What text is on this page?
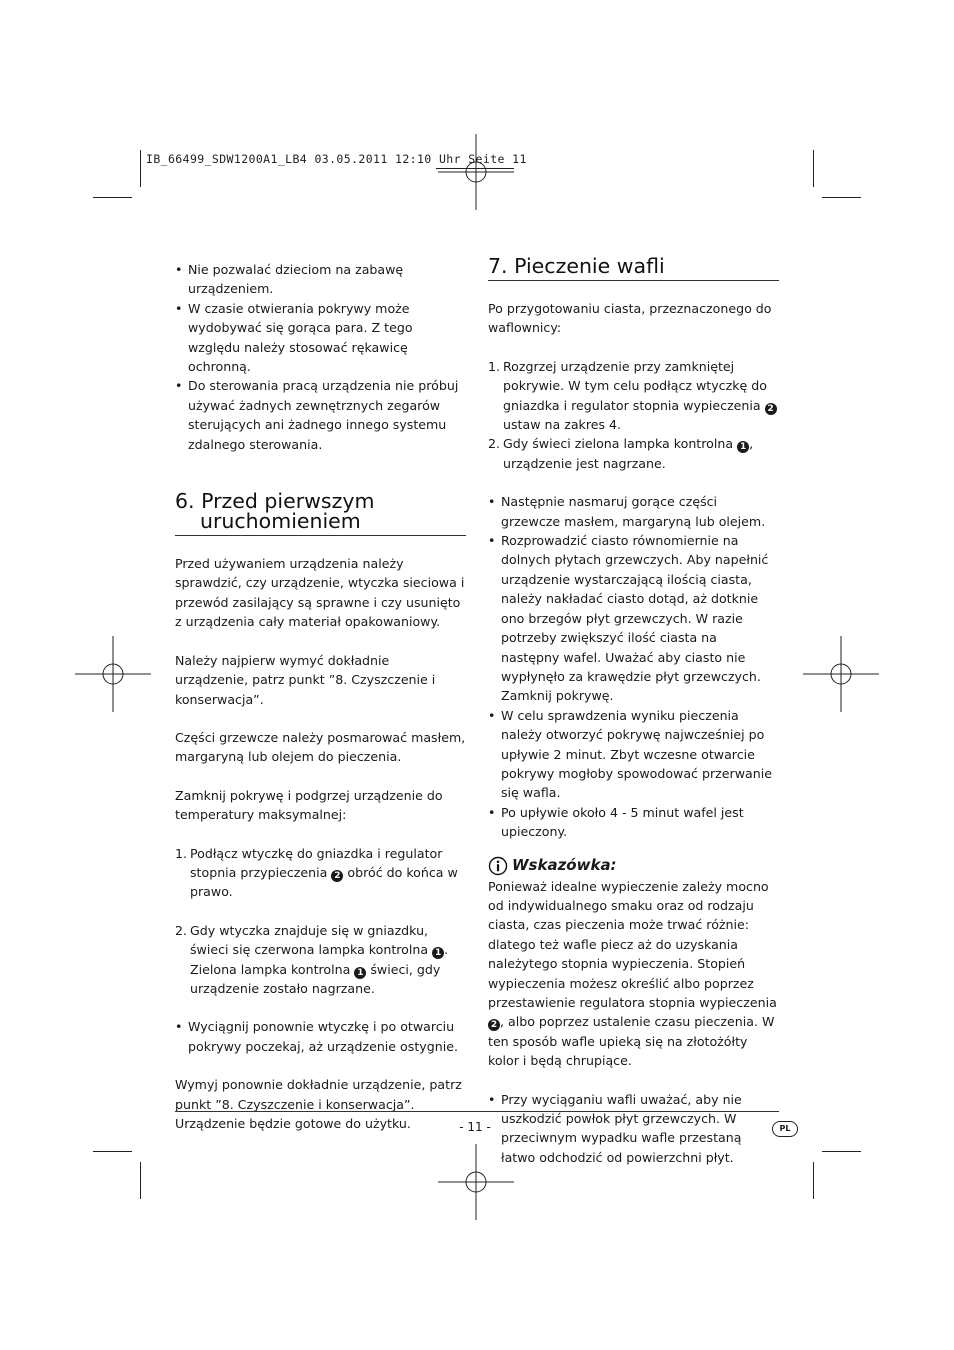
IB_66499_SDW1200A1_LB4 03.05.2011 12:10 Uhr Seite 11
• Nie pozwalać dzieciom na zabawę urządzeniem.
• W czasie otwierania pokrywy może wydobywać się gorąca para. Z tego względu należy stosować rękawicę ochronną.
• Do sterowania pracą urządzenia nie próbuj używać żadnych zewnętrznych zegarów sterujących ani żadnego innego systemu zdalnego sterowania.
6. Przed pierwszym
uruchomieniem

Przed używaniem urządzenia należy sprawdzić, czy urządzenie, wtyczka sieciowa i przewód zasilający są sprawne i czy usunięto z urządzenia cały materiał opakowaniowy.

Należy najpierw wymyć dokładnie urządzenie, patrz punkt ”8. Czyszczenie i konserwacja”.

Części grzewcze należy posmarować masłem, margaryną lub olejem do pieczenia.

Zamknij pokrywę i podgrzej urządzenie do temperatury maksymalnej:

1. Podłącz wtyczkę do gniazdka i regulator stopnia przypieczenia 2 obróć do końca w prawo.
2. Gdy wtyczka znajduje się w gniazdku, świeci się czerwona lampka kontrolna 1 . Zielona lampka kontrolna 1 świeci, gdy urządzenie zostało nagrzane.
• Wyciągnij ponownie wtyczkę i po otwarciu pokrywy poczekaj, aż urządzenie ostygnie.

Wymyj ponownie dokładnie urządzenie, patrz punkt ”8. Czyszczenie i konserwacja”. Urządzenie będzie gotowe do użytku.

7. Pieczenie wafli

Po przygotowaniu ciasta, przeznaczonego do waflownicy:

1. Rozgrzej urządzenie przy zamkniętej pokrywie. W tym celu podłącz wtyczkę do gniazdka i regulator stopnia wypieczenia 2 ustaw na zakres 4.
2. Gdy świeci zielona lampka kontrolna 1 , urządzenie jest nagrzane.
• Następnie nasmaruj gorące części grzewcze masłem, margaryną lub olejem.
• Rozprowadzić ciasto równomiernie na dolnych płytach grzewczych. Aby napełnić urządzenie wystarczającą ilością ciasta, należy nakładać ciasto dotąd, aż dotknie ono brzegów płyt grzewczych. W razie potrzeby zwiększyć ilość ciasta na następny wafel. Uważać aby ciasto nie wypłynęło za krawędzie płyt grzewczych. Zamknij pokrywę.
• W celu sprawdzenia wyniku pieczenia należy otworzyć pokrywę najwcześniej po upływie 2 minut. Zbyt wczesne otwarcie pokrywy mogłoby spowodować przerwanie się wafla.
• Po upływie około 4 - 5 minut wafel jest upieczony.
Wskazówka:

Ponieważ idealne wypieczenie zależy mocno od indywidualnego smaku oraz od rodzaju ciasta, czas pieczenia może trwać różnie: dlatego też wafle piecz aż do uzyskania należytego stopnia wypieczenia. Stopień wypieczenia możesz określić albo poprzez przestawienie regulatora stopnia wypieczenia 2 , albo poprzez ustalenie czasu pieczenia. W ten sposób wafle upieką się na złotożółty kolor i będą chrupiące.

• Przy wyciąganiu wafli uważać, aby nie uszkodzić powłok płyt grzewczych. W przeciwnym wypadku wafle przestaną łatwo odchodzić od powierzchni płyt.
- 11 -	PL
